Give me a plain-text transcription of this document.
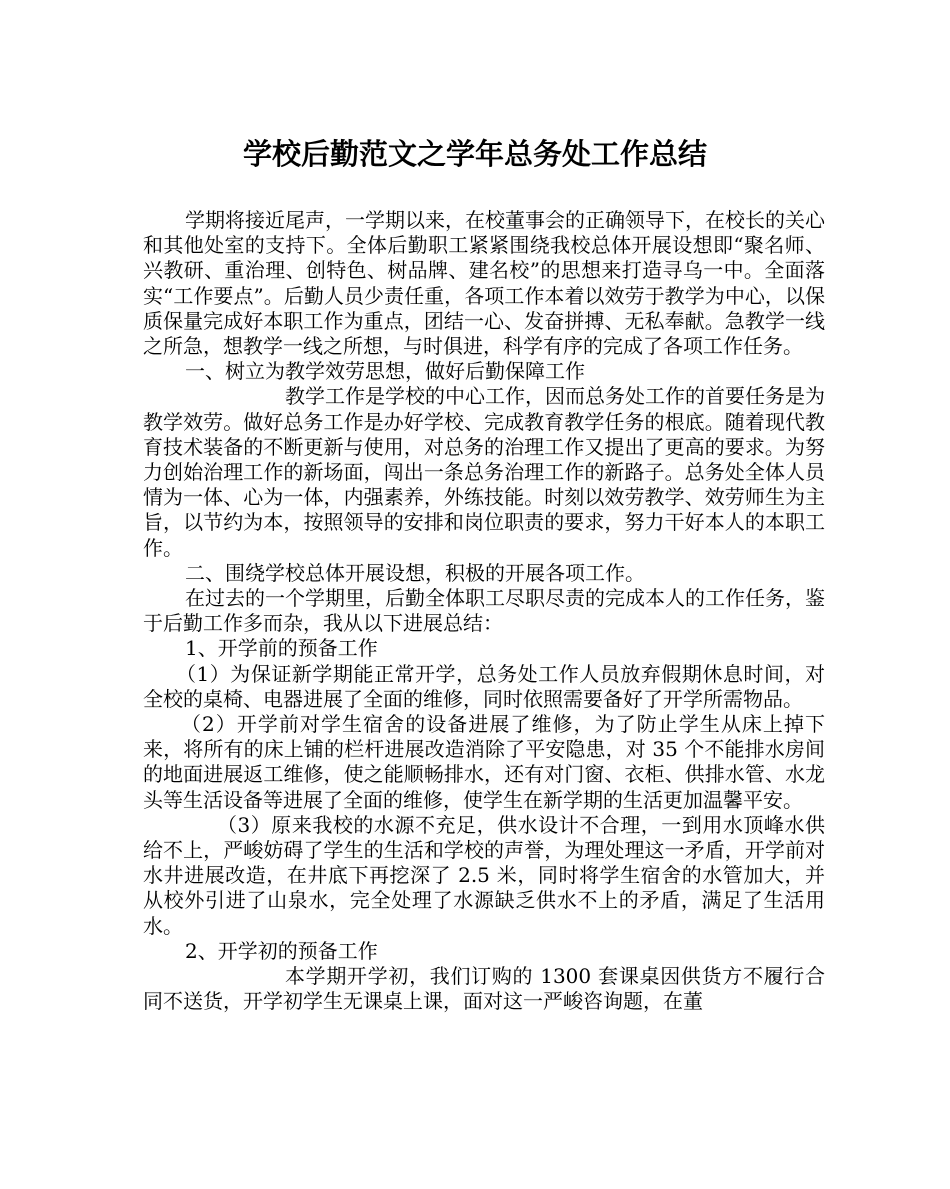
学校后勤范文之学年总务处工作总结

学期将接近尾声，一学期以来，在校董事会的正确领导下，在校长的关心和其他处室的支持下。全体后勤职工紧紧围绕我校总体开展设想即“聚名师、兴教研、重治理、创特色、树品牌、建名校”的思想来打造寻乌一中。全面落实“工作要点”。后勤人员少责任重，各项工作本着以效劳于教学为中心，以保质保量完成好本职工作为重点，团结一心、发奋拼搏、无私奉献。急教学一线之所急，想教学一线之所想，与时俱进，科学有序的完成了各项工作任务。

一、树立为教学效劳思想，做好后勤保障工作

教学工作是学校的中心工作，因而总务处工作的首要任务是为教学效劳。做好总务工作是办好学校、完成教育教学任务的根底。随着现代教育技术装备的不断更新与使用，对总务的治理工作又提出了更高的要求。为努力创始治理工作的新场面，闯出一条总务治理工作的新路子。总务处全体人员情为一体、心为一体，内强素养，外练技能。时刻以效劳教学、效劳师生为主旨，以节约为本，按照领导的安排和岗位职责的要求，努力干好本人的本职工作。

二、围绕学校总体开展设想，积极的开展各项工作。

在过去的一个学期里，后勤全体职工尽职尽责的完成本人的工作任务，鉴于后勤工作多而杂，我从以下进展总结：

1、开学前的预备工作

（1）为保证新学期能正常开学，总务处工作人员放弃假期休息时间，对全校的桌椅、电器进展了全面的维修，同时依照需要备好了开学所需物品。

（2）开学前对学生宿舍的设备进展了维修，为了防止学生从床上掉下来，将所有的床上铺的栏杆进展改造消除了平安隐患，对 35 个不能排水房间的地面进展返工维修，使之能顺畅排水，还有对门窗、衣柜、供排水管、水龙头等生活设备等进展了全面的维修，使学生在新学期的生活更加温馨平安。

（3）原来我校的水源不充足，供水设计不合理，一到用水顶峰水供给不上，严峻妨碍了学生的生活和学校的声誉，为理处理这一矛盾，开学前对水井进展改造，在井底下再挖深了 2.5 米，同时将学生宿舍的水管加大，并从校外引进了山泉水，完全处理了水源缺乏供水不上的矛盾，满足了生活用水。

2、开学初的预备工作

本学期开学初，我们订购的 1300 套课桌因供货方不履行合同不送货，开学初学生无课桌上课，面对这一严峻咨询题，在董
